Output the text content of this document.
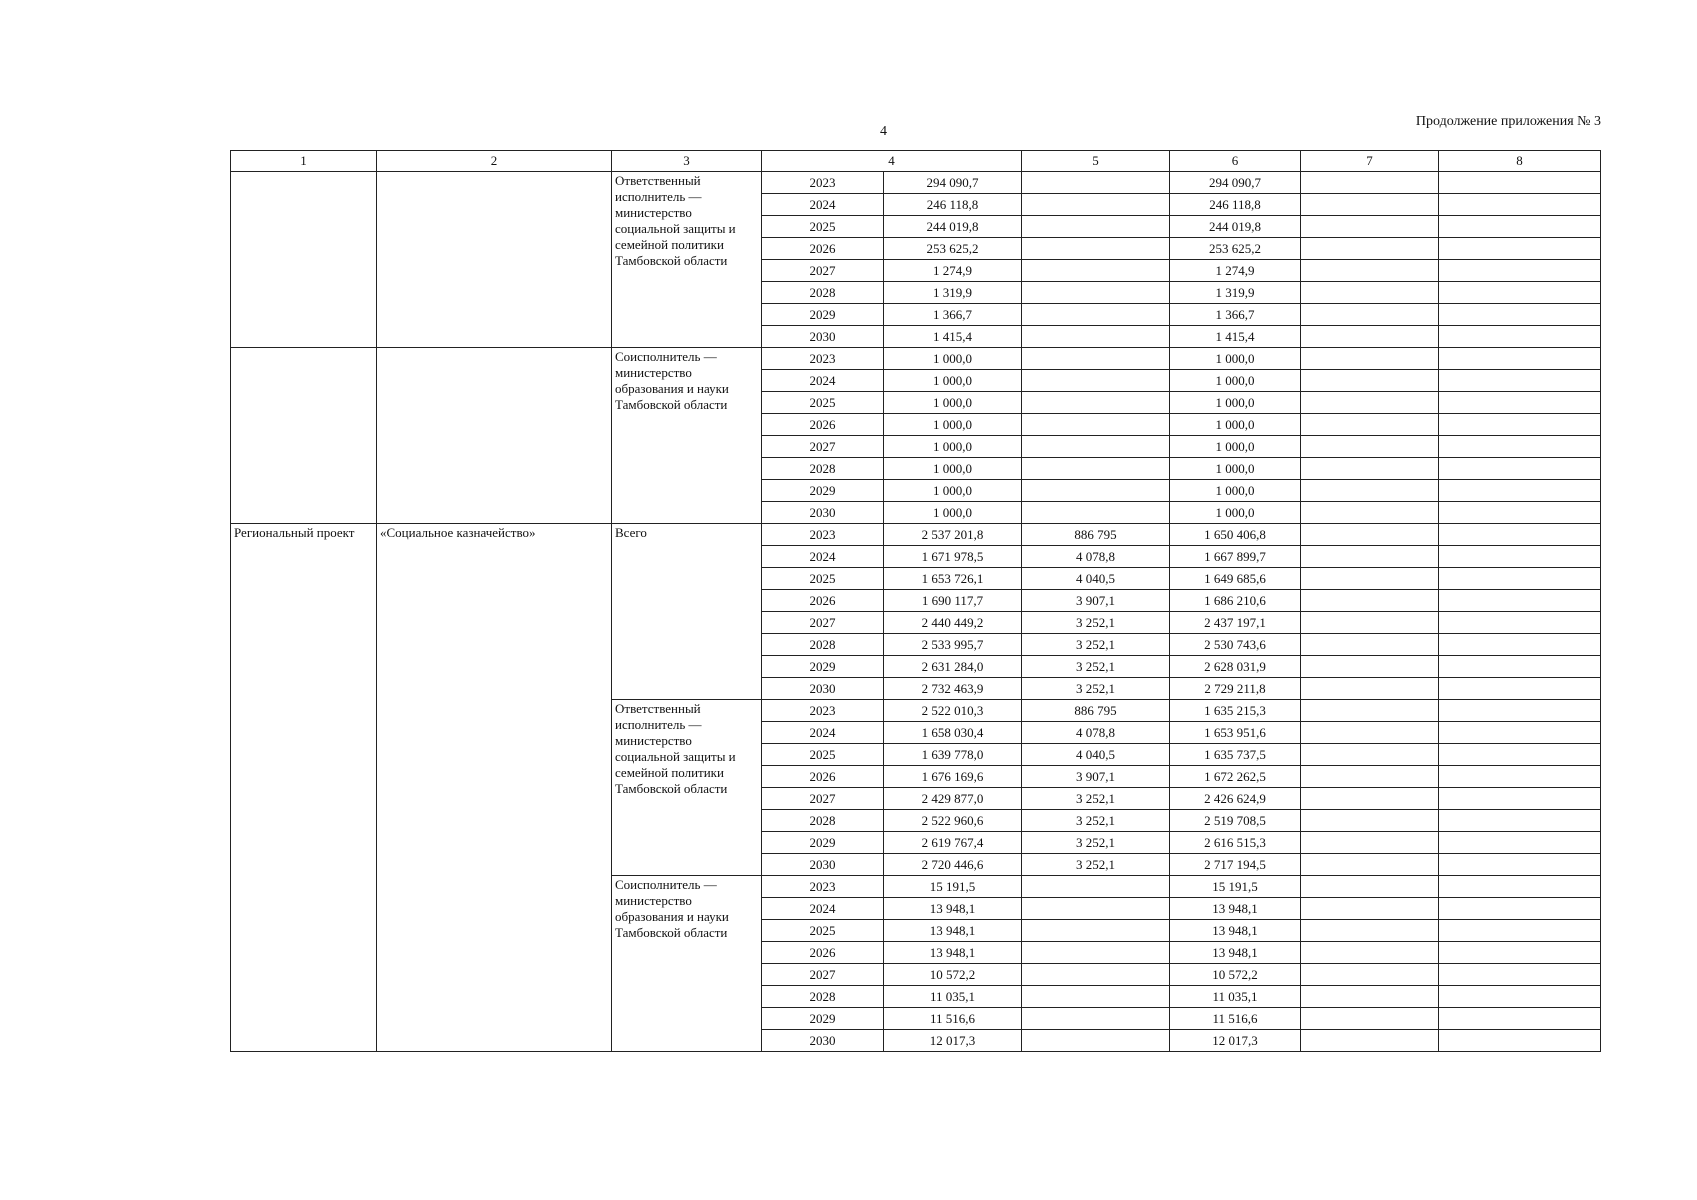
4
Продолжение приложения № 3
1	2	3	4		5	6	7	8
		Ответственный исполнитель — министерство социальной защиты и семейной политики Тамбовской области	2023	294 090,7		294 090,7		
			2024	246 118,8		246 118,8		
			2025	244 019,8		244 019,8		
			2026	253 625,2		253 625,2		
			2027	1 274,9		1 274,9		
			2028	1 319,9		1 319,9		
			2029	1 366,7		1 366,7		
			2030	1 415,4		1 415,4		
		Соисполнитель — министерство образования и науки Тамбовской области	2023	1 000,0		1 000,0		
			2024	1 000,0		1 000,0		
			2025	1 000,0		1 000,0		
			2026	1 000,0		1 000,0		
			2027	1 000,0		1 000,0		
			2028	1 000,0		1 000,0		
			2029	1 000,0		1 000,0		
			2030	1 000,0		1 000,0		
Региональный проект	«Социальное казначейство»	Всего	2023	2 537 201,8	886 795	1 650 406,8		
			2024	1 671 978,5	4 078,8	1 667 899,7		
			2025	1 653 726,1	4 040,5	1 649 685,6		
			2026	1 690 117,7	3 907,1	1 686 210,6		
			2027	2 440 449,2	3 252,1	2 437 197,1		
			2028	2 533 995,7	3 252,1	2 530 743,6		
			2029	2 631 284,0	3 252,1	2 628 031,9		
			2030	2 732 463,9	3 252,1	2 729 211,8		
		Ответственный исполнитель — министерство социальной защиты и семейной политики Тамбовской области	2023	2 522 010,3	886 795	1 635 215,3		
			2024	1 658 030,4	4 078,8	1 653 951,6		
			2025	1 639 778,0	4 040,5	1 635 737,5		
			2026	1 676 169,6	3 907,1	1 672 262,5		
			2027	2 429 877,0	3 252,1	2 426 624,9		
			2028	2 522 960,6	3 252,1	2 519 708,5		
			2029	2 619 767,4	3 252,1	2 616 515,3		
			2030	2 720 446,6	3 252,1	2 717 194,5		
		Соисполнитель — министерство образования и науки Тамбовской области	2023	15 191,5		15 191,5		
			2024	13 948,1		13 948,1		
			2025	13 948,1		13 948,1		
			2026	13 948,1		13 948,1		
			2027	10 572,2		10 572,2		
			2028	11 035,1		11 035,1		
			2029	11 516,6		11 516,6		
			2030	12 017,3		12 017,3		
